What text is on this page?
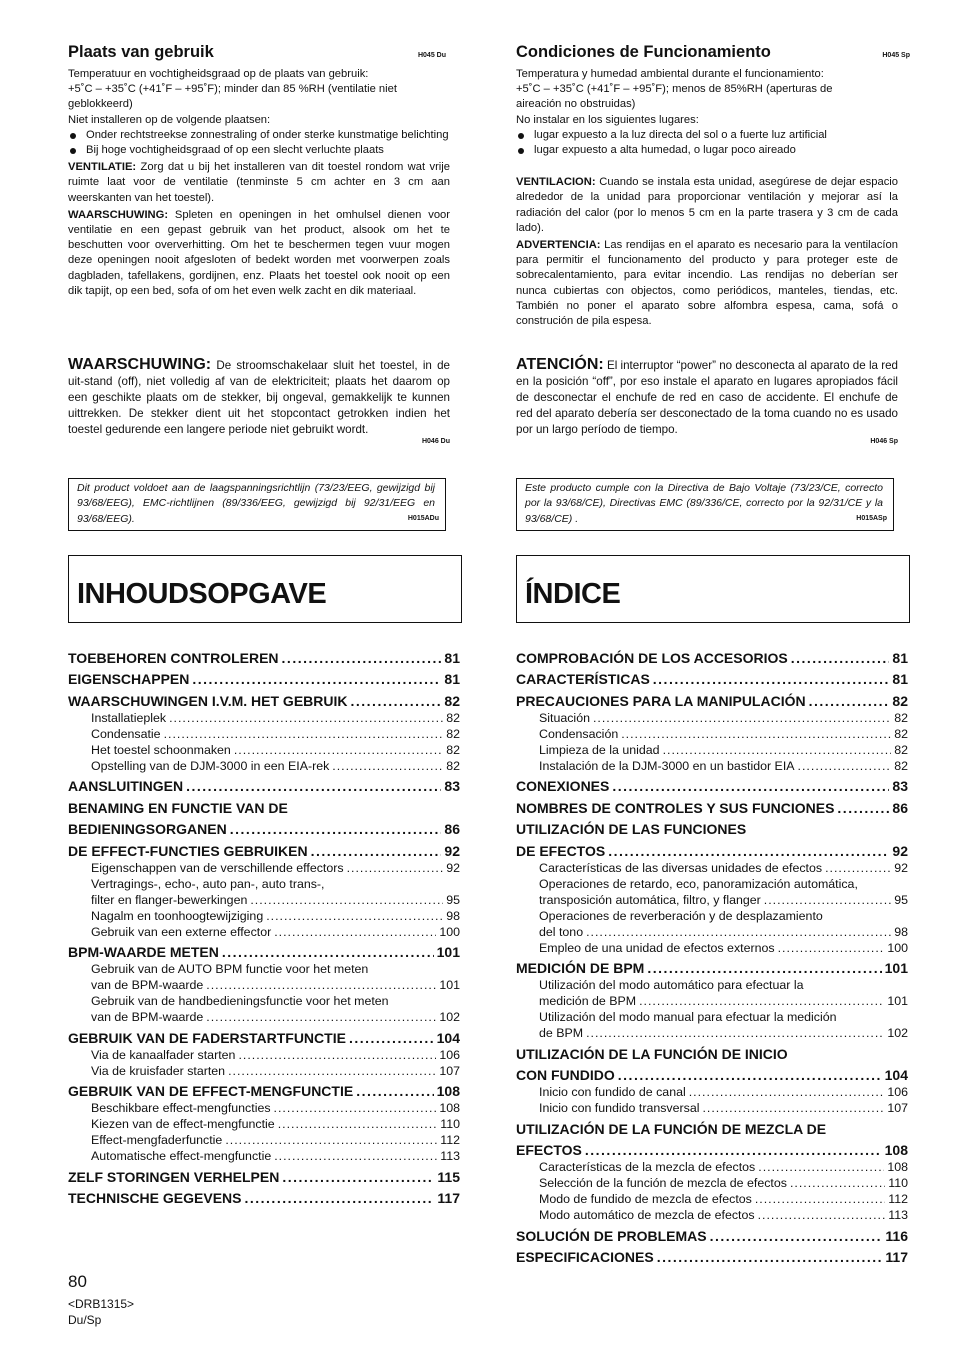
Plaats van gebruik	H045 Du

Temperatuur en vochtigheidsgraad op de plaats van gebruik:

+5˚C – +35˚C (+41˚F – +95˚F); minder dan 85 %RH (ventilatie niet

geblokkeerd)

Niet installeren op de volgende plaatsen:

Onder rechtstreekse zonnestraling of onder sterke kunstmatige belichting

Bij hoge vochtigheidsgraad of op een slecht verluchte plaats

VENTILATIE: Zorg dat u bij het installeren van dit toestel rondom wat vrije ruimte laat voor de ventilatie (tenminste 5 cm achter en 3 cm aan weerskanten van het toestel).

WAARSCHUWING: Spleten en openingen in het omhulsel dienen voor ventilatie en een gepast gebruik van het product, alsook om het te beschutten voor oververhitting. Om het te beschermen tegen vuur mogen deze openingen nooit afgesloten of bedekt worden met voorwerpen zoals dagbladen, tafellakens, gordijnen, enz. Plaats het toestel ook nooit op een dik tapijt, op een bed, sofa of om het even welk zacht en dik materiaal.

WAARSCHUWING: De stroomschakelaar sluit het toestel, in de uit-stand (off), niet volledig af van de elektriciteit; plaats het daarom op een geschikte plaats om de stekker, bij ongeval, gemakkelijk te kunnen uittrekken. De stekker dient uit het stopcontact getrokken indien het toestel gedurende een langere periode niet gebruikt wordt.
H046 Du
Dit product voldoet aan de laagspanningsrichtlijn (73/23/EEG, gewijzigd bij 93/68/EEG), EMC-richtlijnen (89/336/EEG, gewijzigd bij 92/31/EEG en 93/68/EEG).	H015ADu
INHOUDSOPGAVE
TOEBEHOREN CONTROLEREN .....	81
EIGENSCHAPPEN .....	81
WAARSCHUWINGEN I.V.M. HET GEBRUIK .....	82
Installatieplek .....	82
Condensatie .....	82
Het toestel schoonmaken .....	82
Opstelling van de DJM-3000 in een EIA-rek .....	82
AANSLUITINGEN .....	83
BENAMING EN FUNCTIE VAN DE
BEDIENINGSORGANEN .....	86
DE EFFECT-FUNCTIES GEBRUIKEN .....	92
Eigenschappen van de verschillende effectors .....	92
Vertragings-, echo-, auto pan-, auto trans-,
filter en flanger-bewerkingen .....	95
Nagalm en toonhoogtewijziging .....	98
Gebruik van een externe effector .....	100
BPM-WAARDE METEN .....	101
Gebruik van de AUTO BPM functie voor het meten
van de BPM-waarde .....	101
Gebruik van de handbedieningsfunctie voor het meten
van de BPM-waarde .....	102
GEBRUIK VAN DE FADERSTARTFUNCTIE .....	104
Via de kanaalfader starten .....	106
Via de kruisfader starten .....	107
GEBRUIK VAN DE EFFECT-MENGFUNCTIE .....	108
Beschikbare effect-mengfuncties .....	108
Kiezen van de effect-mengfunctie .....	110
Effect-mengfaderfunctie .....	112
Automatische effect-mengfunctie .....	113
ZELF STORINGEN VERHELPEN .....	115
TECHNISCHE GEGEVENS .....	117
Condiciones de Funcionamiento	H045 Sp

Temperatura y humedad ambiental durante el funcionamiento:

+5˚C – +35˚C (+41˚F – +95˚F); menos de 85%RH (aperturas de

aireación no obstruidas)

No instalar en los siguientes lugares:

lugar expuesto a la luz directa del sol o a fuerte luz artificial

lugar expuesto a alta humedad, o lugar poco aireado

VENTILACION: Cuando se instala esta unidad, asegúrese de dejar espacio alrededor de la unidad para proporcionar ventilación y mejorar así la radiación del calor (por lo menos 5 cm en la parte trasera y 3 cm de cada lado).

ADVERTENCIA: Las rendijas en el aparato es necesario para la ventilacíon para permitir el funcionamento del producto y para proteger este de sobrecalentamiento, para evitar incendio. Las rendijas no deberían ser nunca cubiertas con objectos, como periódicos, manteles, tiendas, etc. También no poner el aparato sobre alfombra espesa, cama, sofá o construción de pila espesa.

ATENCIÓN: El interruptor “power” no desconecta al aparato de la red en la posición “off”, por eso instale el aparato en lugares apropiados fácil de desconectar el enchufe de red en caso de accidente. El enchufe de red del aparato debería ser desconectado de la toma cuando no es usado por un largo período de tiempo.
H046 Sp
Este producto cumple con la Directiva de Bajo Voltaje (73/23/CE, correcto por la 93/68/CE), Directivas EMC (89/336/CE, correcto por la 92/31/CE y la 93/68/CE) .	H015ASp
ÍNDICE
COMPROBACIÓN DE LOS ACCESORIOS .....	81
CARACTERÍSTICAS .....	81
PRECAUCIONES PARA LA MANIPULACIÓN .....	82
Situación .....	82
Condensación .....	82
Limpieza de la unidad .....	82
Instalación de la DJM-3000 en un bastidor EIA .....	82
CONEXIONES .....	83
NOMBRES DE CONTROLES Y SUS FUNCIONES .....	86
UTILIZACIÓN DE LAS FUNCIONES
DE EFECTOS .....	92
Características de las diversas unidades de efectos .....	92
Operaciones de retardo, eco, panoramización automática,
transposición automática, filtro, y flanger .....	95
Operaciones de reverberación y de desplazamiento
del tono .....	98
Empleo de una unidad de efectos externos .....	100
MEDICIÓN DE BPM .....	101
Utilización del modo automático para efectuar la
medición de BPM .....	101
Utilización del modo manual para efectuar la medición
de BPM .....	102
UTILIZACIÓN DE LA FUNCIÓN DE INICIO
CON FUNDIDO .....	104
Inicio con fundido de canal .....	106
Inicio con fundido transversal .....	107
UTILIZACIÓN DE LA FUNCIÓN DE MEZCLA DE
EFECTOS .....	108
Características de la mezcla de efectos .....	108
Selección de la función de mezcla de efectos .....	110
Modo de fundido de mezcla de efectos .....	112
Modo automático de mezcla de efectos .....	113
SOLUCIÓN DE PROBLEMAS .....	116
ESPECIFICACIONES .....	117
80
<DRB1315>
Du/Sp
